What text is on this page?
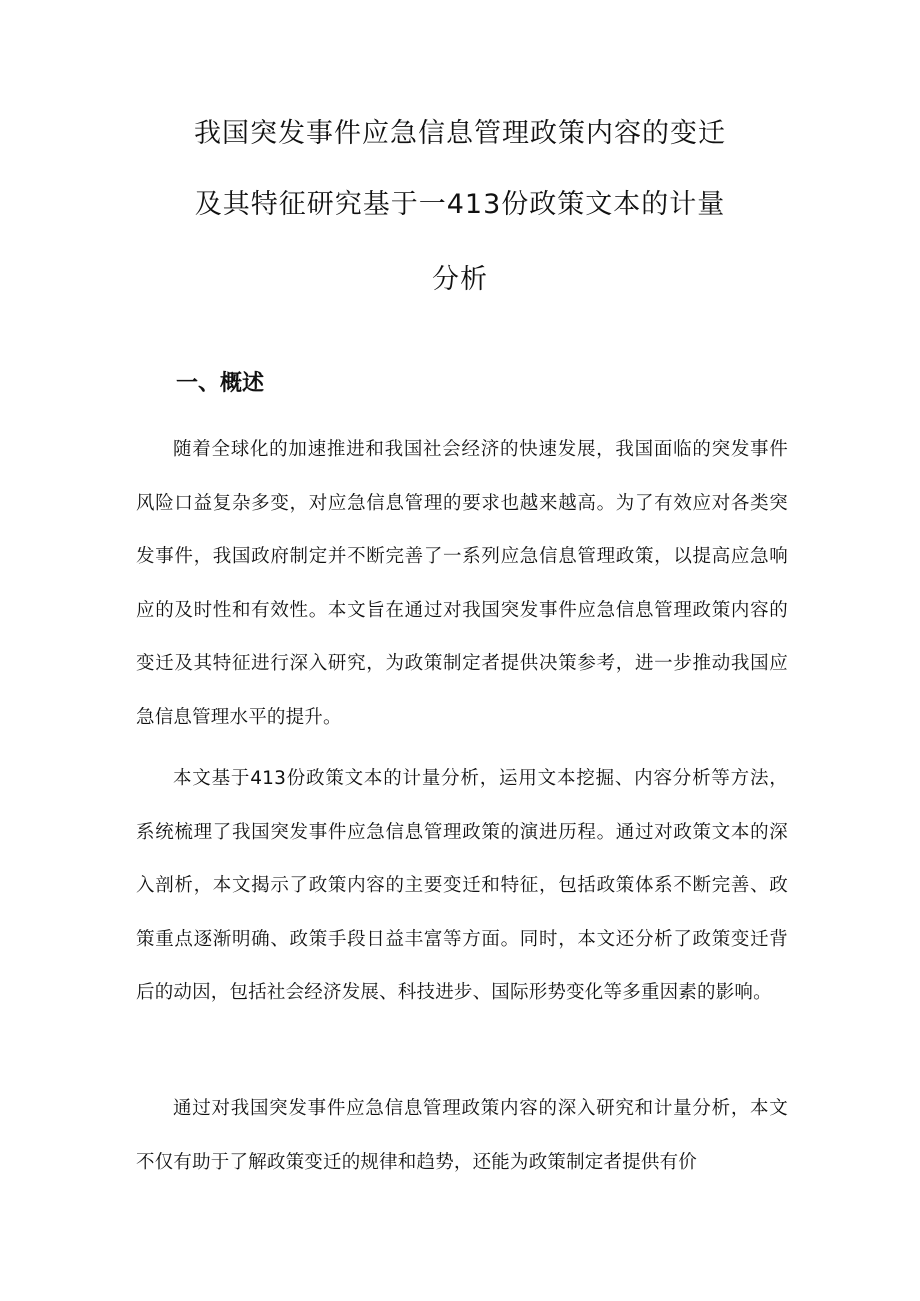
我国突发事件应急信息管理政策内容的变迁
及其特征研究基于一413份政策文本的计量
分析
一、概述
随着全球化的加速推进和我国社会经济的快速发展，我国面临的突发事件风险口益复杂多变，对应急信息管理的要求也越来越高。为了有效应对各类突发事件，我国政府制定并不断完善了一系列应急信息管理政策，以提高应急响应的及时性和有效性。本文旨在通过对我国突发事件应急信息管理政策内容的变迁及其特征进行深入研究，为政策制定者提供决策参考，进一步推动我国应急信息管理水平的提升。
本文基于413份政策文本的计量分析，运用文本挖掘、内容分析等方法，系统梳理了我国突发事件应急信息管理政策的演进历程。通过对政策文本的深入剖析，本文揭示了政策内容的主要变迁和特征，包括政策体系不断完善、政策重点逐渐明确、政策手段日益丰富等方面。同时，本文还分析了政策变迁背后的动因，包括社会经济发展、科技进步、国际形势变化等多重因素的影响。
通过对我国突发事件应急信息管理政策内容的深入研究和计量分析，本文不仅有助于了解政策变迁的规律和趋势，还能为政策制定者提供有价
